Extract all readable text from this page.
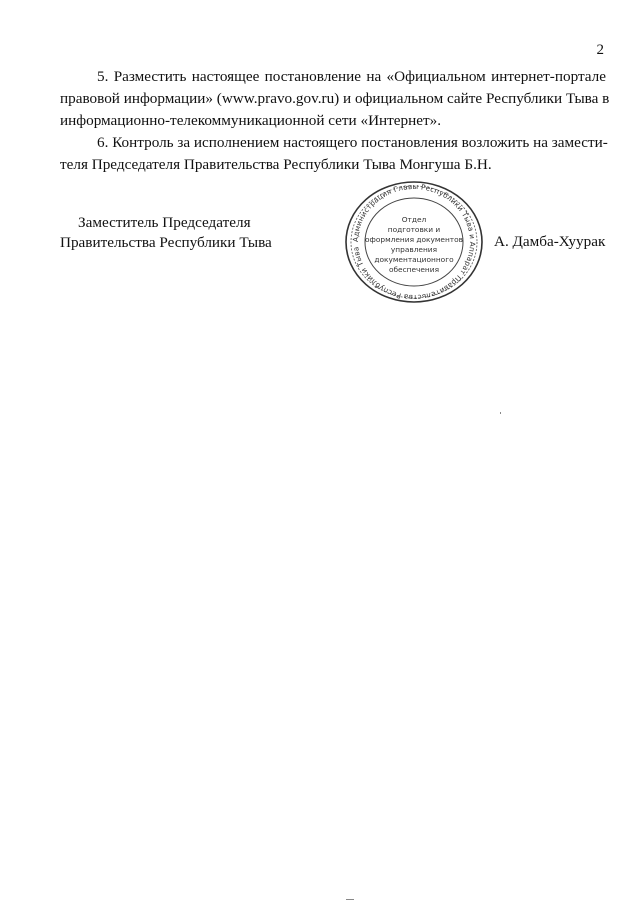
2
5. Разместить настоящее постановление на «Официальном интернет-портале
правовой информации» (www.pravo.gov.ru) и официальном сайте Республики Тыва в
информационно-телекоммуникационной сети «Интернет».
6. Контроль за исполнением настоящего постановления возложить на замести-
теля Председателя Правительства Республики Тыва Монгуша Б.Н.
Заместитель Председателя
Правительства Республики Тыва	Администрация Главы Республики Тыва и Аппарат Правительства Республики Тыва
Отдел
подготовки и
оформления документов
управления
документационного
обеспечения
А. Дамба-Хуурак
